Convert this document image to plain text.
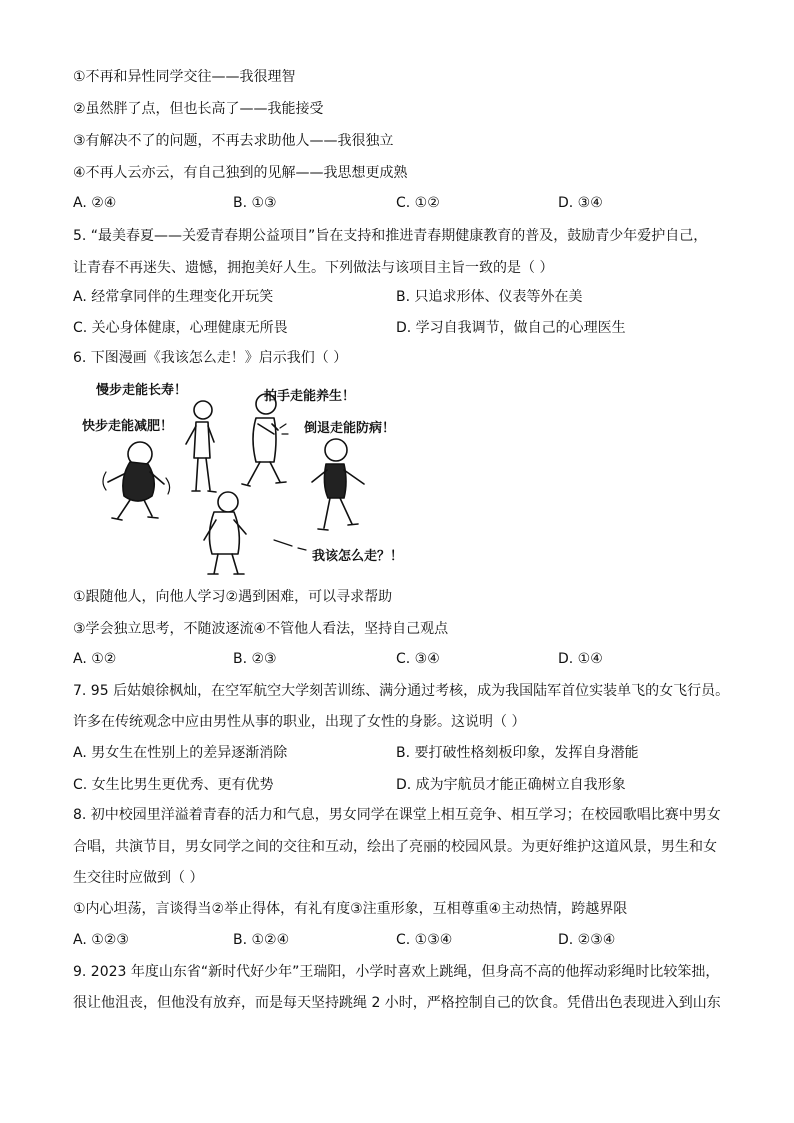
①不再和异性同学交往——我很理智
②虽然胖了点，但也长高了——我能接受
③有解决不了的问题，不再去求助他人——我很独立
④不再人云亦云，有自己独到的见解——我思想更成熟
A. ②④	B. ①③	C. ①②	D. ③④
5. “最美春夏——关爱青春期公益项目”旨在支持和推进青春期健康教育的普及，鼓励青少年爱护自己，
让青春不再迷失、遗憾，拥抱美好人生。下列做法与该项目主旨一致的是（ ）
A. 经常拿同伴的生理变化开玩笑	B. 只追求形体、仪表等外在美
C. 关心身体健康，心理健康无所畏	D. 学习自我调节，做自己的心理医生
6. 下图漫画《我该怎么走！》启示我们（ ）
慢步走能长寿！
快步走能减肥！
拍手走能养生！
倒退走能防病！
我该怎么走？！
①跟随他人，向他人学习②遇到困难，可以寻求帮助
③学会独立思考，不随波逐流④不管他人看法，坚持自己观点
A. ①②	B. ②③	C. ③④	D. ①④
7. 95 后姑娘徐枫灿，在空军航空大学刻苦训练、满分通过考核，成为我国陆军首位实装单飞的女飞行员。
许多在传统观念中应由男性从事的职业，出现了女性的身影。这说明（ ）
A. 男女生在性别上的差异逐渐消除	B. 要打破性格刻板印象，发挥自身潜能
C. 女生比男生更优秀、更有优势	D. 成为宇航员才能正确树立自我形象
8. 初中校园里洋溢着青春的活力和气息，男女同学在课堂上相互竞争、相互学习；在校园歌唱比赛中男女
合唱，共演节目，男女同学之间的交往和互动，绘出了亮丽的校园风景。为更好维护这道风景，男生和女
生交往时应做到（ ）
①内心坦荡，言谈得当②举止得体，有礼有度③注重形象，互相尊重④主动热情，跨越界限
A. ①②③	B. ①②④	C. ①③④	D. ②③④
9. 2023 年度山东省“新时代好少年”王瑞阳，小学时喜欢上跳绳，但身高不高的他挥动彩绳时比较笨拙，
很让他沮丧，但他没有放弃，而是每天坚持跳绳 2 小时，严格控制自己的饮食。凭借出色表现进入到山东
